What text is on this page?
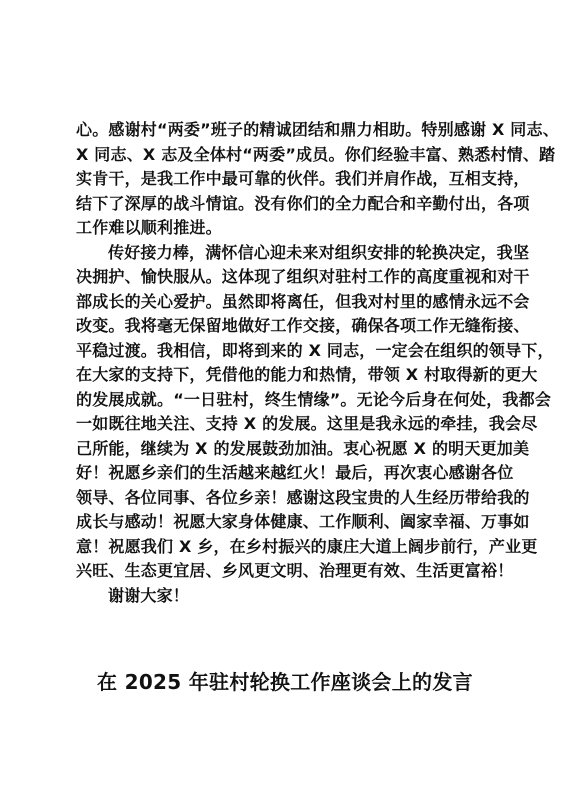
心。感谢村“两委”班子的精诚团结和鼎力相助。特别感谢 X 同志、
X 同志、X 志及全体村“两委”成员。你们经验丰富、熟悉村情、踏
实肯干，是我工作中最可靠的伙伴。我们并肩作战，互相支持，
结下了深厚的战斗情谊。没有你们的全力配合和辛勤付出，各项
工作难以顺利推进。

传好接力棒，满怀信心迎未来对组织安排的轮换决定，我坚
决拥护、愉快服从。这体现了组织对驻村工作的高度重视和对干
部成长的关心爱护。虽然即将离任，但我对村里的感情永远不会
改变。我将毫无保留地做好工作交接，确保各项工作无缝衔接、
平稳过渡。我相信，即将到来的 X 同志，一定会在组织的领导下，
在大家的支持下，凭借他的能力和热情，带领 X 村取得新的更大
的发展成就。“一日驻村，终生情缘”。无论今后身在何处，我都会
一如既往地关注、支持 X 的发展。这里是我永远的牵挂，我会尽
己所能，继续为 X 的发展鼓劲加油。衷心祝愿 X 的明天更加美
好！祝愿乡亲们的生活越来越红火！最后，再次衷心感谢各位
领导、各位同事、各位乡亲！感谢这段宝贵的人生经历带给我的
成长与感动！祝愿大家身体健康、工作顺利、阖家幸福、万事如
意！祝愿我们 X 乡，在乡村振兴的康庄大道上阔步前行，产业更
兴旺、生态更宜居、乡风更文明、治理更有效、生活更富裕！

谢谢大家！

在 2025 年驻村轮换工作座谈会上的发言
